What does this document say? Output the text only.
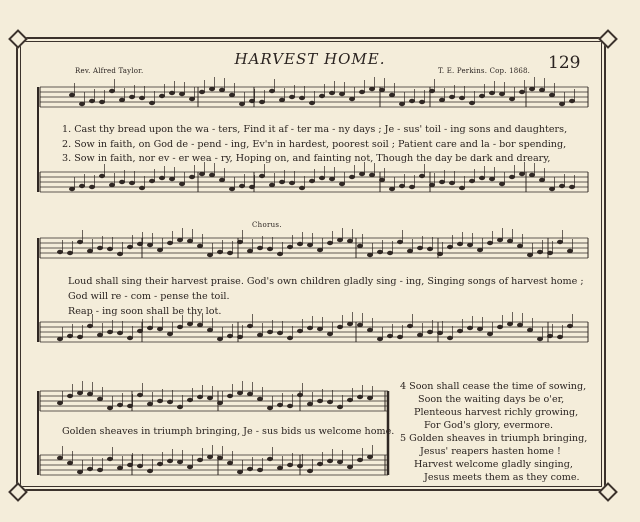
HARVEST HOME.	129
Rev. Alfred Taylor.	T. E. Perkins. Cop. 1868.
1. Cast thy bread upon the wa - ters, Find it af - ter ma - ny days ; Je - sus' toil - ing sons and daughters,
2. Sow in faith, on God de - pend - ing, Ev'n in hardest, poorest soil ; Patient care and la - bor spending,
3. Sow in faith, nor ev - er wea - ry, Hoping on, and fainting not, Though the day be dark and dreary,
Chorus.
Loud shall sing their harvest praise. God's own children gladly sing - ing, Singing songs of harvest home ;
God will re - com - pense the toil.
Reap - ing soon shall be thy lot.
Golden sheaves in triumph bringing, Je - sus bids us welcome home.
4 Soon shall cease the time of sowing,
Soon the waiting days be o'er,
Plenteous harvest richly growing,
For God's glory, evermore.
5 Golden sheaves in triumph bringing,
Jesus' reapers hasten home !
Harvest welcome gladly singing,
Jesus meets them as they come.
